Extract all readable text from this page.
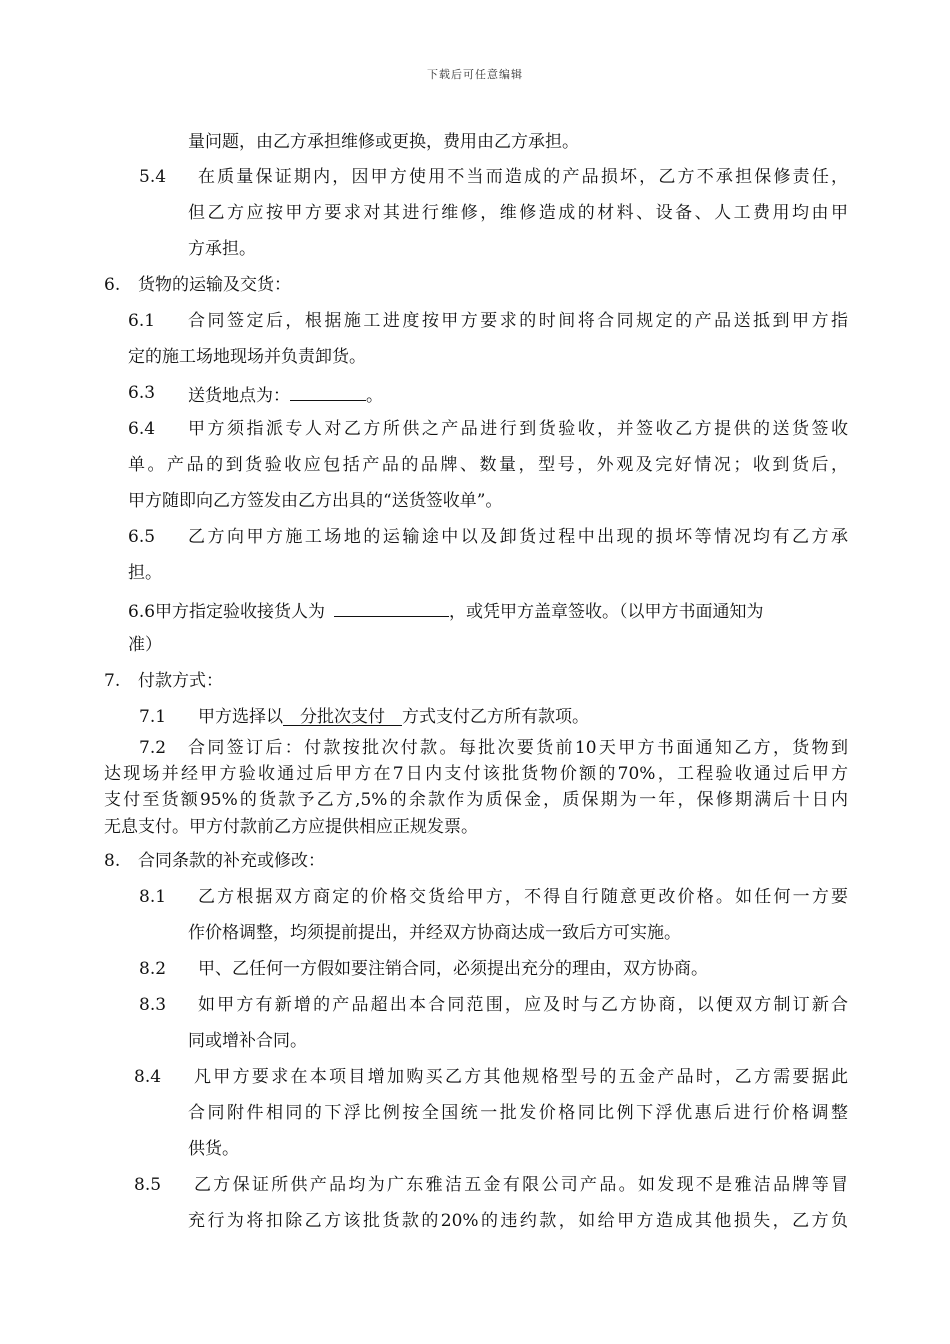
下载后可任意编辑
量问题，由乙方承担维修或更换，费用由乙方承担。
5.4 在质量保证期内，因甲方使用不当而造成的产品损坏，乙方不承担保修责任，
但乙方应按甲方要求对其进行维修，维修造成的材料、设备、人工费用均由甲
方承担。
6. 货物的运输及交货：
6.1 合同签定后，根据施工进度按甲方要求的时间将合同规定的产品送抵到甲方指
定的施工场地现场并负责卸货。
6.3 送货地点为：	。
6.4 甲方须指派专人对乙方所供之产品进行到货验收，并签收乙方提供的送货签收
单。产品的到货验收应包括产品的品牌、数量，型号，外观及完好情况；收到货后，
甲方随即向乙方签发由乙方出具的“送货签收单”。
6.5 乙方向甲方施工场地的运输途中以及卸货过程中出现的损坏等情况均有乙方承
担。
6.6甲方指定验收接货人为	，或凭甲方盖章签收。（以甲方书面通知为
准）
7. 付款方式：
7.1 甲方选择以　 分批次支付　 方式支付乙方所有款项。
7.2 合同签订后：付款按批次付款。每批次要货前10天甲方书面通知乙方，货物到
达现场并经甲方验收通过后甲方在7日内支付该批货物价额的70%，工程验收通过后甲方
支付至货额95%的货款予乙方,5%的余款作为质保金，质保期为一年，保修期满后十日内
无息支付。甲方付款前乙方应提供相应正规发票。
8. 合同条款的补充或修改：
8.1 乙方根据双方商定的价格交货给甲方，不得自行随意更改价格。如任何一方要
作价格调整，均须提前提出，并经双方协商达成一致后方可实施。
8.2 甲、乙任何一方假如要注销合同，必须提出充分的理由，双方协商。
8.3 如甲方有新增的产品超出本合同范围，应及时与乙方协商，以便双方制订新合
同或增补合同。
8.4 凡甲方要求在本项目增加购买乙方其他规格型号的五金产品时，乙方需要据此
合同附件相同的下浮比例按全国统一批发价格同比例下浮优惠后进行价格调整
供货。
8.5 乙方保证所供产品均为广东雅洁五金有限公司产品。如发现不是雅洁品牌等冒
充行为将扣除乙方该批货款的20%的违约款，如给甲方造成其他损失，乙方负
